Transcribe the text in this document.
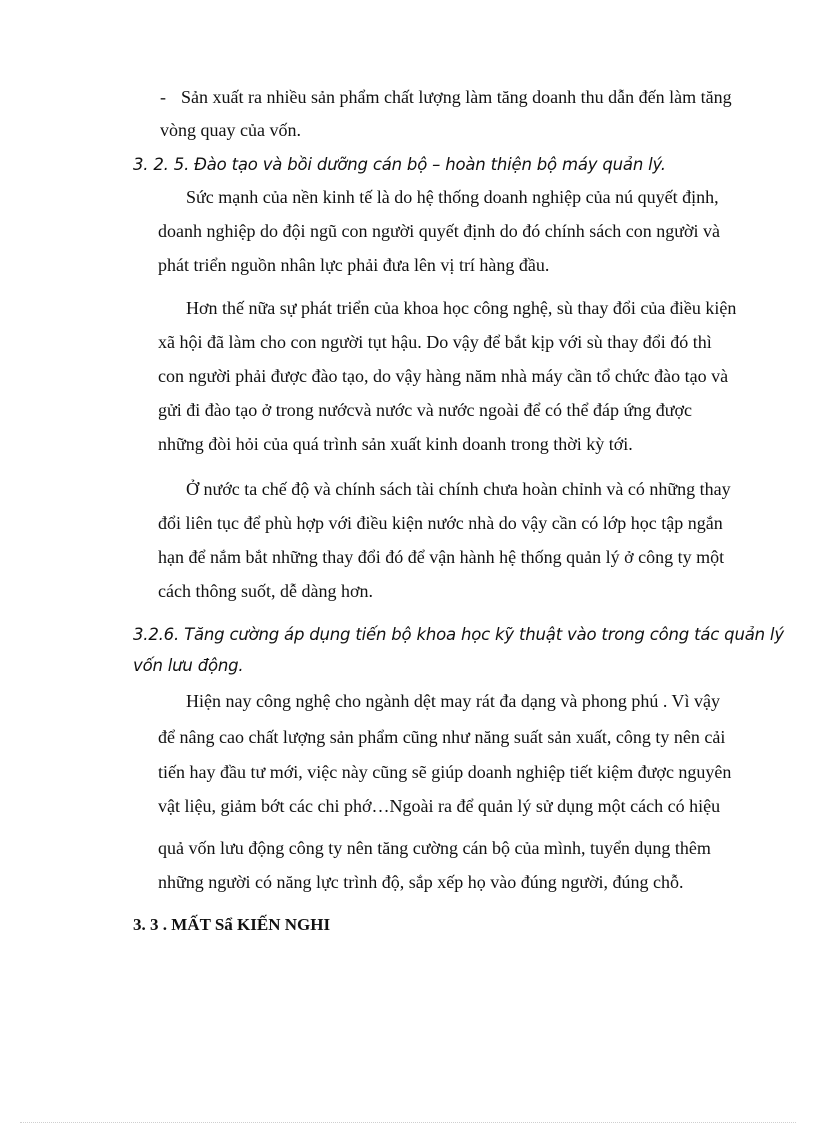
- Sản xuất ra nhiều sản phẩm chất lượng làm tăng doanh thu dẫn đến làm tăng
vòng quay của vốn.
3. 2. 5. Đào tạo và bồi dưỡng cán bộ – hoàn thiện bộ máy quản lý.
Sức mạnh của nền kinh tế là do hệ thống doanh nghiệp của nú quyết định,
doanh nghiệp do đội ngũ con người quyết định do đó chính sách con người và
phát triển nguồn nhân lực phải đưa lên vị trí hàng đầu.
Hơn thế nữa sự phát triển của khoa học công nghệ, sù thay đổi của điều kiện
xã hội đã làm cho con người tụt hậu. Do vậy để bắt kịp với sù thay đổi đó thì
con người phải được đào tạo, do vậy hàng năm nhà máy cần tổ chức đào tạo và
gửi đi đào tạo ở trong nướcvà nước và nước ngoài để có thể đáp ứng được
những đòi hỏi của quá trình sản xuất kinh doanh trong thời kỳ tới.
Ở nước ta chế độ và chính sách tài chính chưa hoàn chỉnh và có những thay
đổi liên tục để phù hợp với điều kiện nước nhà do vậy cần có lớp học tập ngắn
hạn để nắm bắt những thay đổi đó để vận hành hệ thống quản lý ở công ty một
cách thông suốt, dễ dàng hơn.
3.2.6. Tăng cường áp dụng tiến bộ khoa học kỹ thuật vào trong công tác quản lý
vốn lưu động.
Hiện nay công nghệ cho ngành dệt may rát đa dạng và phong phú . Vì vậy
để nâng cao chất lượng sản phẩm cũng như năng suất sản xuất, công ty nên cải
tiến hay đầu tư mới, việc này cũng sẽ giúp doanh nghiệp tiết kiệm được nguyên
vật liệu, giảm bớt các chi phớ…Ngoài ra để quản lý sử dụng một cách có hiệu
quả vốn lưu động công ty nên tăng cường cán bộ của mình, tuyển dụng thêm
những người có năng lực trình độ, sắp xếp họ vào đúng người, đúng chỗ.
3. 3 . MẤT Sẩ KIẾN NGHI
